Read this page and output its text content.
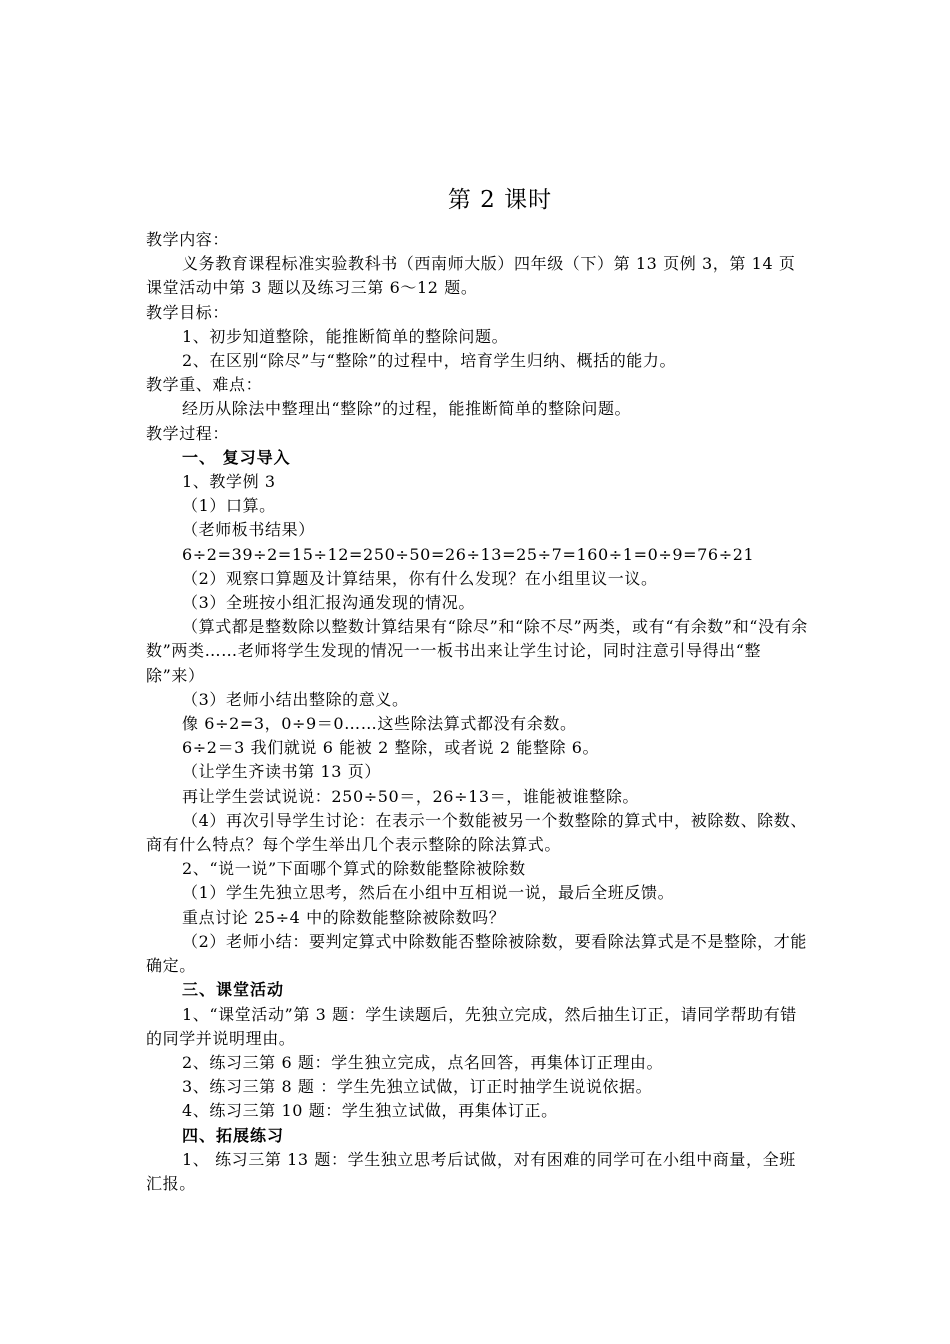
第 2 课时

教学内容：

义务教育课程标准实验教科书（西南师大版）四年级（下）第 13 页例 3，第 14 页课堂活动中第 3 题以及练习三第 6～12 题。

教学目标：

1、初步知道整除，能推断简单的整除问题。

2、在区别“除尽”与“整除”的过程中，培育学生归纳、概括的能力。

教学重、难点：

经历从除法中整理出“整除”的过程，能推断简单的整除问题。

教学过程：

一、 复习导入

1、教学例 3

（1）口算。

（老师板书结果）

6÷2=39÷2=15÷12=250÷50=26÷13=25÷7=160÷1=0÷9=76÷21

（2）观察口算题及计算结果，你有什么发现？在小组里议一议。

（3）全班按小组汇报沟通发现的情况。

（算式都是整数除以整数计算结果有“除尽”和“除不尽”两类，或有“有余数”和“没有余数”两类……老师将学生发现的情况一一板书出来让学生讨论，同时注意引导得出“整除”来）

（3）老师小结出整除的意义。

像 6÷2=3，0÷9＝0……这些除法算式都没有余数。

6÷2＝3 我们就说 6 能被 2 整除，或者说 2 能整除 6。

（让学生齐读书第 13 页）

再让学生尝试说说：250÷50＝，26÷13＝，谁能被谁整除。

（4）再次引导学生讨论：在表示一个数能被另一个数整除的算式中，被除数、除数、商有什么特点？每个学生举出几个表示整除的除法算式。

2、“说一说”下面哪个算式的除数能整除被除数

（1）学生先独立思考，然后在小组中互相说一说，最后全班反馈。

重点讨论 25÷4 中的除数能整除被除数吗？

（2）老师小结：要判定算式中除数能否整除被除数，要看除法算式是不是整除，才能确定。

三、课堂活动

1、“课堂活动”第 3 题：学生读题后，先独立完成，然后抽生订正，请同学帮助有错的同学并说明理由。

2、练习三第 6 题：学生独立完成，点名回答，再集体订正理由。

3、练习三第 8 题 ：学生先独立试做，订正时抽学生说说依据。

4、练习三第 10 题：学生独立试做，再集体订正。

四、拓展练习

1、 练习三第 13 题：学生独立思考后试做，对有困难的同学可在小组中商量，全班汇报。
